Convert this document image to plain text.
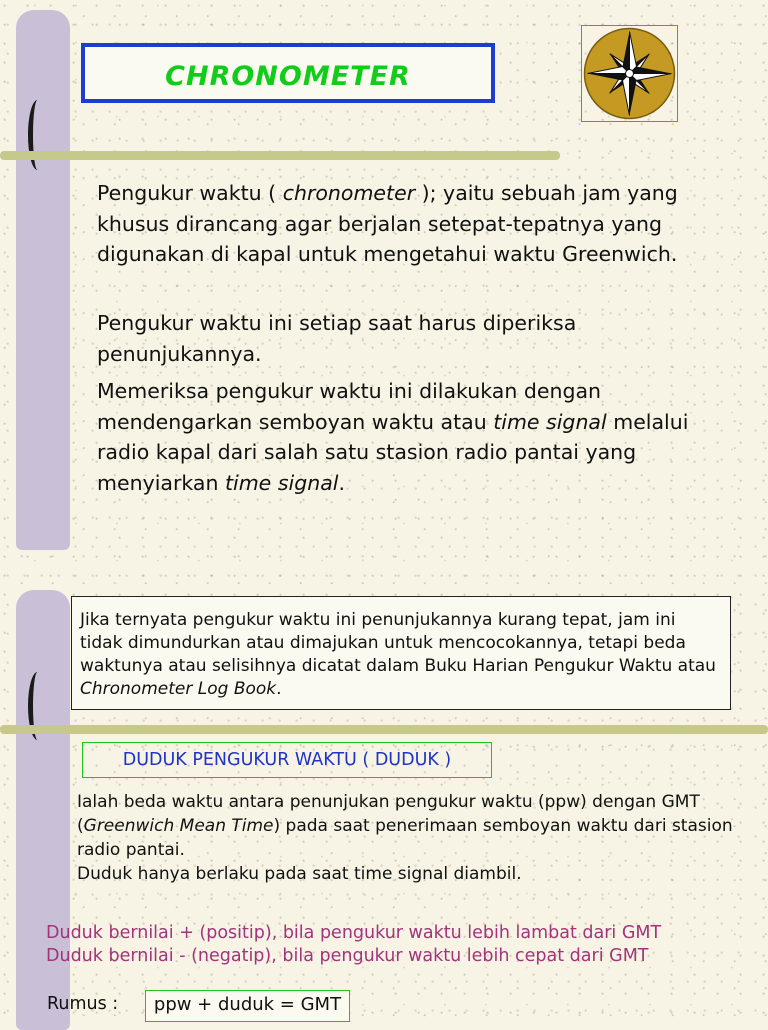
CHRONOMETER
Pengukur waktu ( chronometer ); yaitu sebuah jam yang khusus dirancang agar berjalan setepat-tepatnya yang digunakan di kapal untuk mengetahui waktu Greenwich.
Pengukur waktu ini setiap saat harus diperiksa penunjukannya.
Memeriksa pengukur waktu ini dilakukan dengan mendengarkan semboyan waktu atau time signal melalui radio kapal dari salah satu stasion radio pantai yang menyiarkan time signal.
Jika ternyata pengukur waktu ini penunjukannya kurang tepat, jam ini tidak dimundurkan atau dimajukan untuk mencocokannya, tetapi beda waktunya atau selisihnya dicatat dalam Buku Harian Pengukur Waktu atau Chronometer Log Book.
DUDUK PENGUKUR WAKTU ( DUDUK )
Ialah beda waktu antara penunjukan pengukur waktu (ppw) dengan GMT (Greenwich Mean Time) pada saat penerimaan semboyan waktu dari stasion radio pantai.
Duduk hanya berlaku pada saat time signal diambil.
Duduk bernilai + (positip), bila pengukur waktu lebih lambat dari GMT
Duduk bernilai - (negatip), bila pengukur waktu lebih cepat dari GMT
Rumus :	ppw + duduk = GMT
